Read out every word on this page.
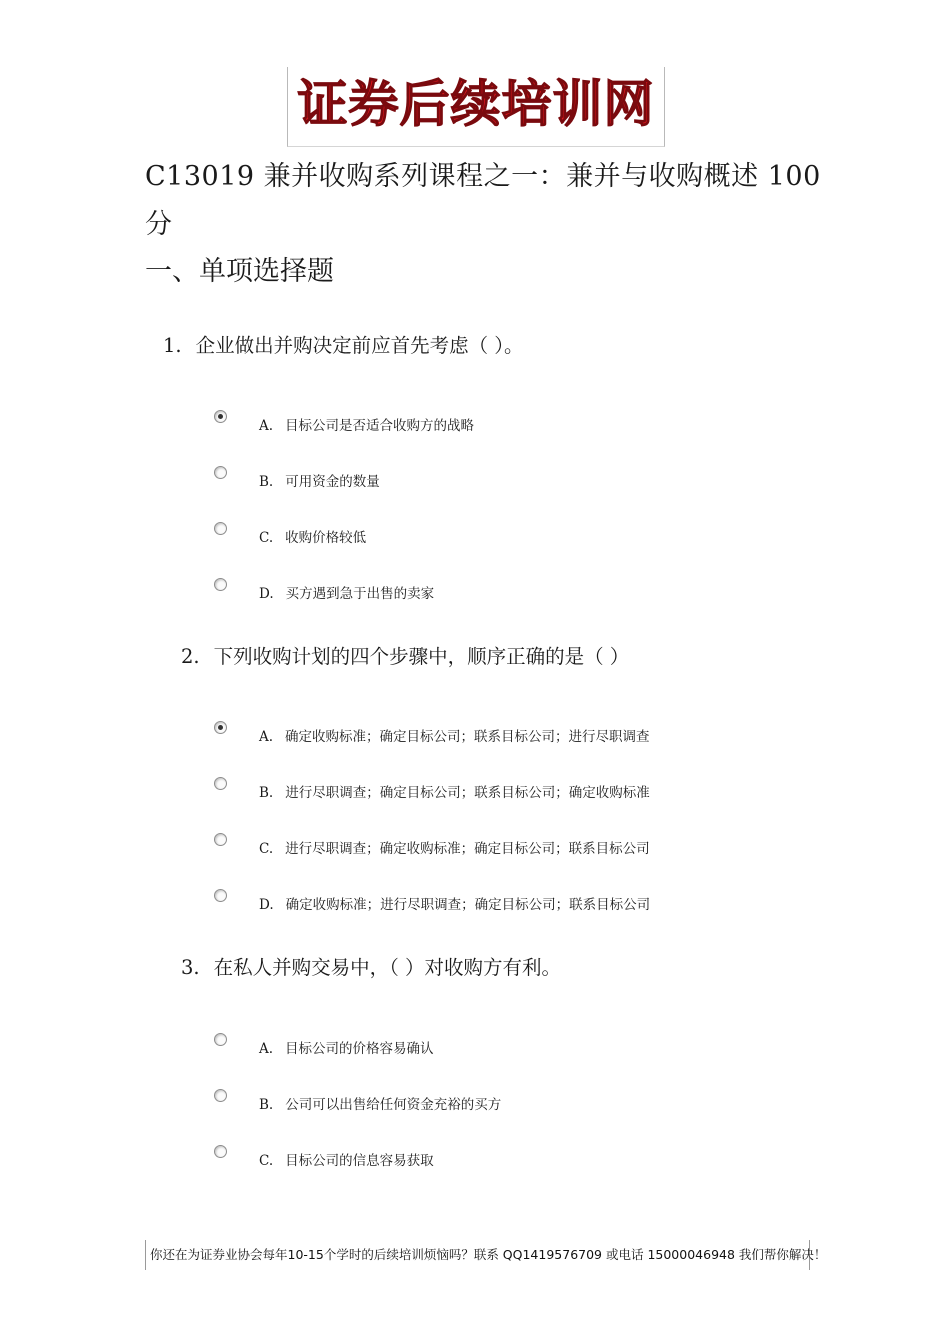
证券后续培训网
C13019 兼并收购系列课程之一：兼并与收购概述 100分
一、单项选择题

1. 企业做出并购决定前应首先考虑（ ）。

A. 目标公司是否适合收购方的战略
B. 可用资金的数量
C. 收购价格较低
D. 买方遇到急于出售的卖家

2. 下列收购计划的四个步骤中，顺序正确的是（ ）

A. 确定收购标准；确定目标公司；联系目标公司；进行尽职调查
B. 进行尽职调查；确定目标公司；联系目标公司；确定收购标准
C. 进行尽职调查；确定收购标准；确定目标公司；联系目标公司
D. 确定收购标准；进行尽职调查；确定目标公司；联系目标公司

3. 在私人并购交易中，（ ）对收购方有利。

A. 目标公司的价格容易确认
B. 公司可以出售给任何资金充裕的买方
C. 目标公司的信息容易获取
你还在为证券业协会每年10-15个学时的后续培训烦恼吗？联系 QQ1419576709 或电话 15000046948 我们帮你解决！
